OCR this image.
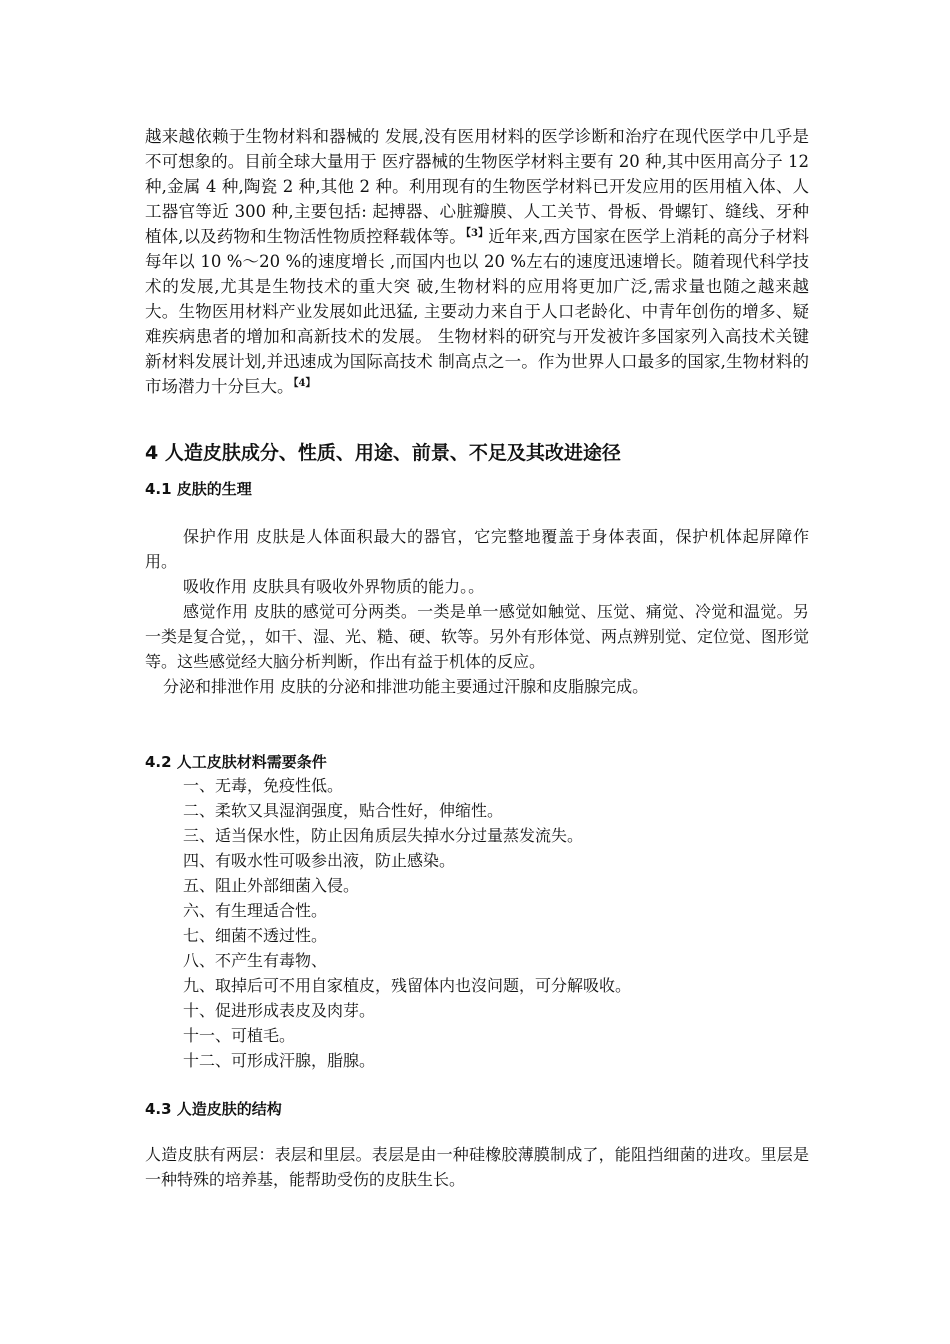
越来越依赖于生物材料和器械的 发展,没有医用材料的医学诊断和治疗在现代医学中几乎是不可想象的。目前全球大量用于 医疗器械的生物医学材料主要有 20 种,其中医用高分子 12 种,金属 4 种,陶瓷 2 种,其他 2 种。利用现有的生物医学材料已开发应用的医用植入体、人工器官等近 300 种,主要包括: 起搏器、心脏瓣膜、人工关节、骨板、骨螺钉、缝线、牙种植体,以及药物和生物活性物质控释载体等。$^{【3】}$近年来,西方国家在医学上消耗的高分子材料每年以 10 %～20 %的速度增长 ,而国内也以 20 %左右的速度迅速增长。随着现代科学技术的发展,尤其是生物技术的重大突 破,生物材料的应用将更加广泛,需求量也随之越来越大。生物医用材料产业发展如此迅猛, 主要动力来自于人口老龄化、中青年创伤的增多、疑难疾病患者的增加和高新技术的发展。 生物材料的研究与开发被许多国家列入高技术关键新材料发展计划,并迅速成为国际高技术 制高点之一。作为世界人口最多的国家,生物材料的市场潜力十分巨大。$^{【4】}$

4 人造皮肤成分、性质、用途、前景、不足及其改进途径
4.1 皮肤的生理

保护作用 皮肤是人体面积最大的器官，它完整地覆盖于身体表面，保护机体起屏障作用。

吸收作用 皮肤具有吸收外界物质的能力。。

感觉作用 皮肤的感觉可分两类。一类是单一感觉如触觉、压觉、痛觉、冷觉和温觉。另一类是复合觉，，如干、湿、光、糙、硬、软等。另外有形体觉、两点辨别觉、定位觉、图形觉等。这些感觉经大脑分析判断，作出有益于机体的反应。

分泌和排泄作用 皮肤的分泌和排泄功能主要通过汗腺和皮脂腺完成。

4.2 人工皮肤材料需要条件
一、无毒，免疫性低。
二、柔软又具湿润强度，贴合性好，伸缩性。
三、适当保水性，防止因角质层失掉水分过量蒸发流失。
四、有吸水性可吸参出液，防止感染。
五、阻止外部细菌入侵。
六、有生理适合性。
七、细菌不透过性。
八、不产生有毒物、
九、取掉后可不用自家植皮，残留体内也沒问题，可分解吸收。
十、促进形成表皮及肉芽。
十一、可植毛。
十二、可形成汗腺，脂腺。
4.3 人造皮肤的结构

人造皮肤有两层：表层和里层。表层是由一种硅橡胶薄膜制成了，能阻挡细菌的进攻。里层是一种特殊的培养基，能帮助受伤的皮肤生长。
